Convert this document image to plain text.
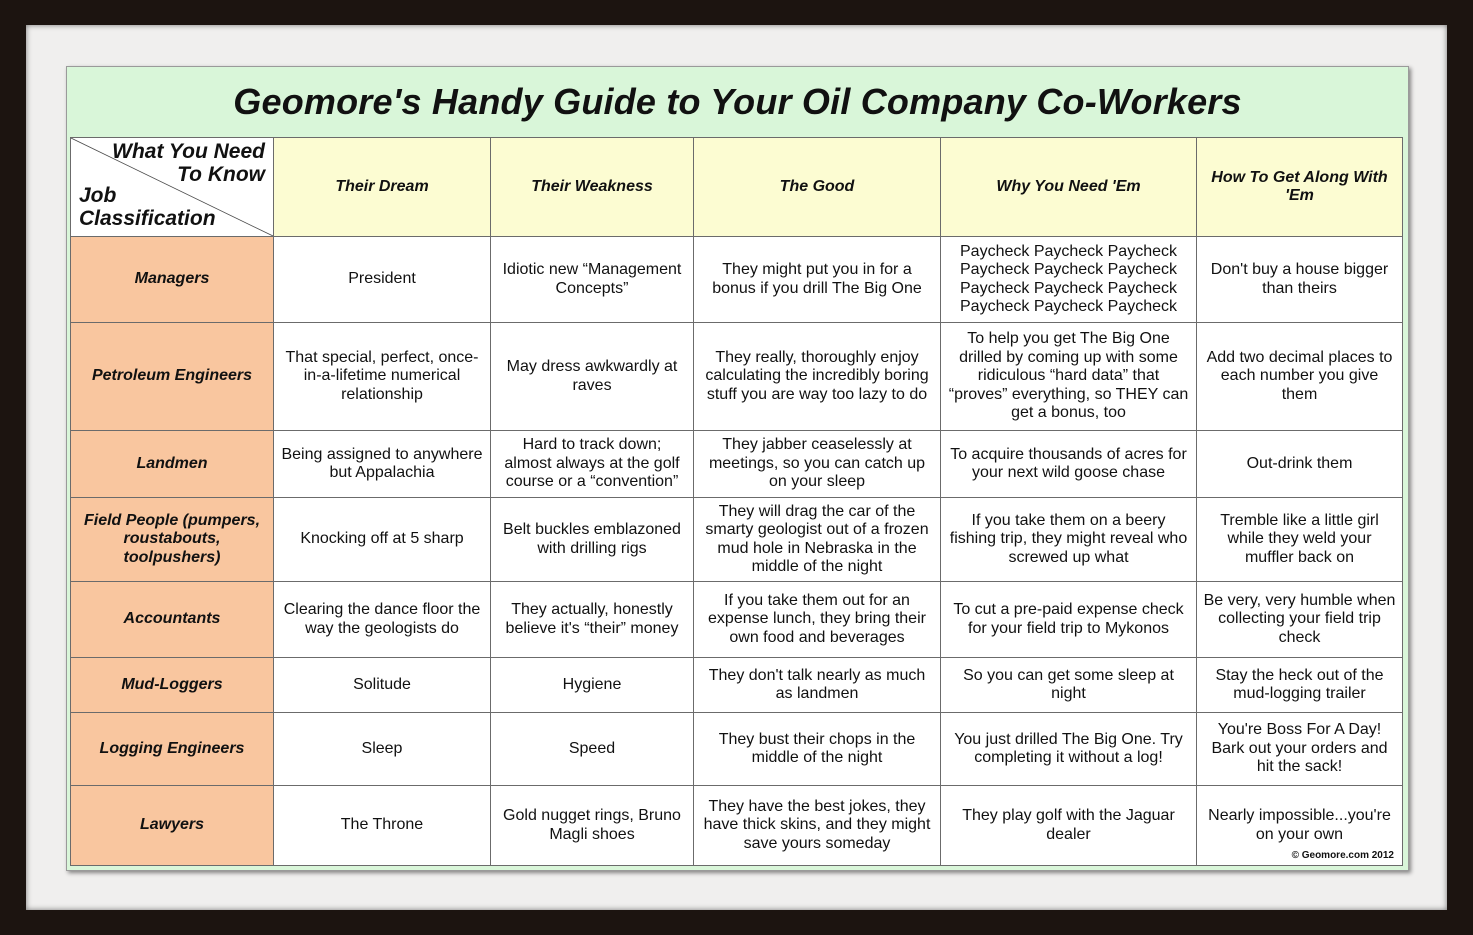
Geomore's Handy Guide to Your Oil Company Co-Workers
What You Need
To Know
Job
Classification	Their Dream	Their Weakness	The Good	Why You Need 'Em	How To Get Along With 'Em
Managers	President	Idiotic new “Management Concepts”	They might put you in for a bonus if you drill The Big One	Paycheck Paycheck Paycheck Paycheck Paycheck Paycheck Paycheck Paycheck Paycheck Paycheck Paycheck Paycheck	Don't buy a house bigger than theirs
Petroleum Engineers	That special, perfect, once-in-a-lifetime numerical relationship	May dress awkwardly at raves	They really, thoroughly enjoy calculating the incredibly boring stuff you are way too lazy to do	To help you get The Big One drilled by coming up with some ridiculous “hard data” that “proves” everything, so THEY can get a bonus, too	Add two decimal places to each number you give them
Landmen	Being assigned to anywhere but Appalachia	Hard to track down; almost always at the golf course or a “convention”	They jabber ceaselessly at meetings, so you can catch up on your sleep	To acquire thousands of acres for your next wild goose chase	Out-drink them
Field People (pumpers, roustabouts, toolpushers)	Knocking off at 5 sharp	Belt buckles emblazoned with drilling rigs	They will drag the car of the smarty geologist out of a frozen mud hole in Nebraska in the middle of the night	If you take them on a beery fishing trip, they might reveal who screwed up what	Tremble like a little girl while they weld your muffler back on
Accountants	Clearing the dance floor the way the geologists do	They actually, honestly believe it's “their” money	If you take them out for an expense lunch, they bring their own food and beverages	To cut a pre-paid expense check for your field trip to Mykonos	Be very, very humble when collecting your field trip check
Mud-Loggers	Solitude	Hygiene	They don't talk nearly as much as landmen	So you can get some sleep at night	Stay the heck out of the mud-logging trailer
Logging Engineers	Sleep	Speed	They bust their chops in the middle of the night	You just drilled The Big One. Try completing it without a log!	You're Boss For A Day! Bark out your orders and hit the sack!
Lawyers	The Throne	Gold nugget rings, Bruno Magli shoes	They have the best jokes, they have thick skins, and they might save yours someday	They play golf with the Jaguar dealer	Nearly impossible...you're on your own
© Geomore.com 2012
